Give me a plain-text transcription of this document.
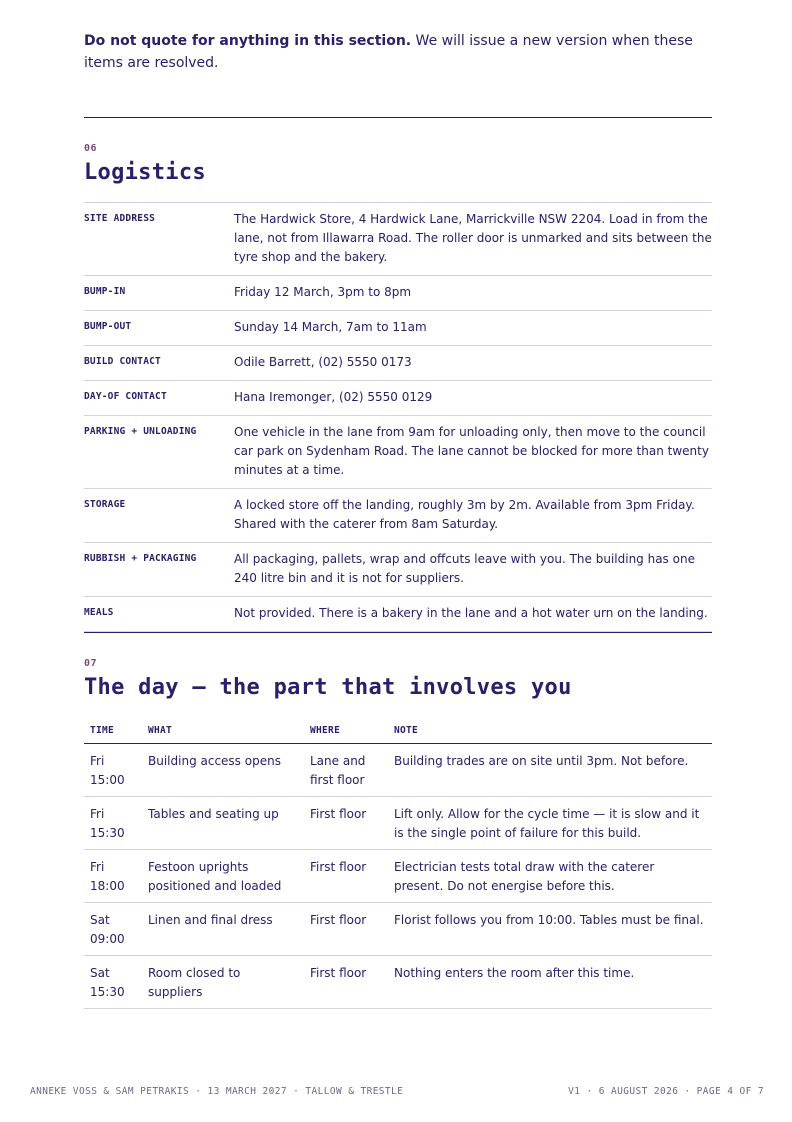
Do not quote for anything in this section. We will issue a new version when these items are resolved.
06
Logistics
SITE ADDRESS	The Hardwick Store, 4 Hardwick Lane, Marrickville NSW 2204. Load in from the lane, not from Illawarra Road. The roller door is unmarked and sits between the tyre shop and the bakery.
BUMP-IN	Friday 12 March, 3pm to 8pm
BUMP-OUT	Sunday 14 March, 7am to 11am
BUILD CONTACT	Odile Barrett, (02) 5550 0173
DAY-OF CONTACT	Hana Iremonger, (02) 5550 0129
PARKING + UNLOADING	One vehicle in the lane from 9am for unloading only, then move to the council car park on Sydenham Road. The lane cannot be blocked for more than twenty minutes at a time.
STORAGE	A locked store off the landing, roughly 3m by 2m. Available from 3pm Friday. Shared with the caterer from 8am Saturday.
RUBBISH + PACKAGING	All packaging, pallets, wrap and offcuts leave with you. The building has one 240 litre bin and it is not for suppliers.
MEALS	Not provided. There is a bakery in the lane and a hot water urn on the landing.
07
The day — the part that involves you
TIME	WHAT	WHERE	NOTE
Fri 15:00	Building access opens	Lane and first floor	Building trades are on site until 3pm. Not before.
Fri 15:30	Tables and seating up	First floor	Lift only. Allow for the cycle time — it is slow and it is the single point of failure for this build.
Fri 18:00	Festoon uprights positioned and loaded	First floor	Electrician tests total draw with the caterer present. Do not energise before this.
Sat 09:00	Linen and final dress	First floor	Florist follows you from 10:00. Tables must be final.
Sat 15:30	Room closed to suppliers	First floor	Nothing enters the room after this time.
ANNEKE VOSS & SAM PETRAKIS · 13 MARCH 2027 · TALLOW & TRESTLE	V1 · 6 AUGUST 2026 · PAGE 4 OF 7
